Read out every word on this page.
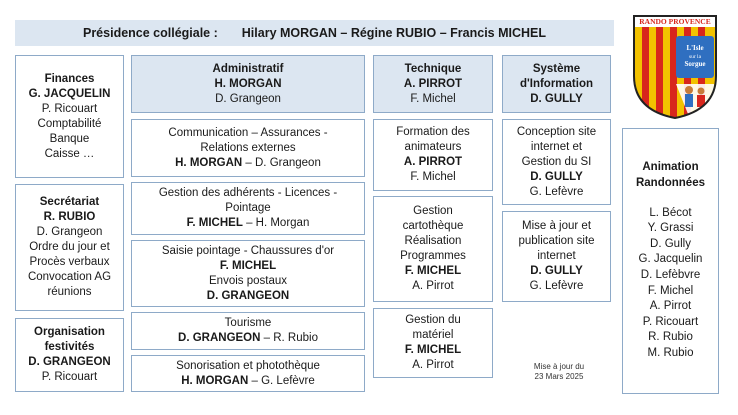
Présidence collégiale : Hilary MORGAN – Régine RUBIO – Francis MICHEL
RANDO PROVENCE
L'Isle
sur la
Sorgue
Finances
G. JACQUELIN
P. Ricouart
Comptabilité
Banque
Caisse …
Secrétariat
R. RUBIO
D. Grangeon
Ordre du jour et
Procès verbaux
Convocation AG
réunions
Organisation
festivités
D. GRANGEON
P. Ricouart
Administratif
H. MORGAN
D. Grangeon
Communication – Assurances -
Relations externes
H. MORGAN – D. Grangeon
Gestion des adhérents - Licences -
Pointage
F. MICHEL – H. Morgan
Saisie pointage - Chaussures d'or
F. MICHEL
Envois postaux
D. GRANGEON
Tourisme
D. GRANGEON – R. Rubio
Sonorisation et photothèque
H. MORGAN – G. Lefèvre
Technique
A. PIRROT
F. Michel
Formation des
animateurs
A. PIRROT
F. Michel
Gestion
cartothèque
Réalisation
Programmes
F. MICHEL
A. Pirrot
Gestion du
matériel
F. MICHEL
A. Pirrot
Système
d'Information
D. GULLY
Conception site
internet et
Gestion du SI
D. GULLY
G. Lefèvre
Mise à jour et
publication site
internet
D. GULLY
G. Lefèvre
Mise à jour du
23 Mars 2025
Animation
Randonnées
L. Bécot
Y. Grassi
D. Gully
G. Jacquelin
D. Lefèbvre
F. Michel
A. Pirrot
P. Ricouart
R. Rubio
M. Rubio
